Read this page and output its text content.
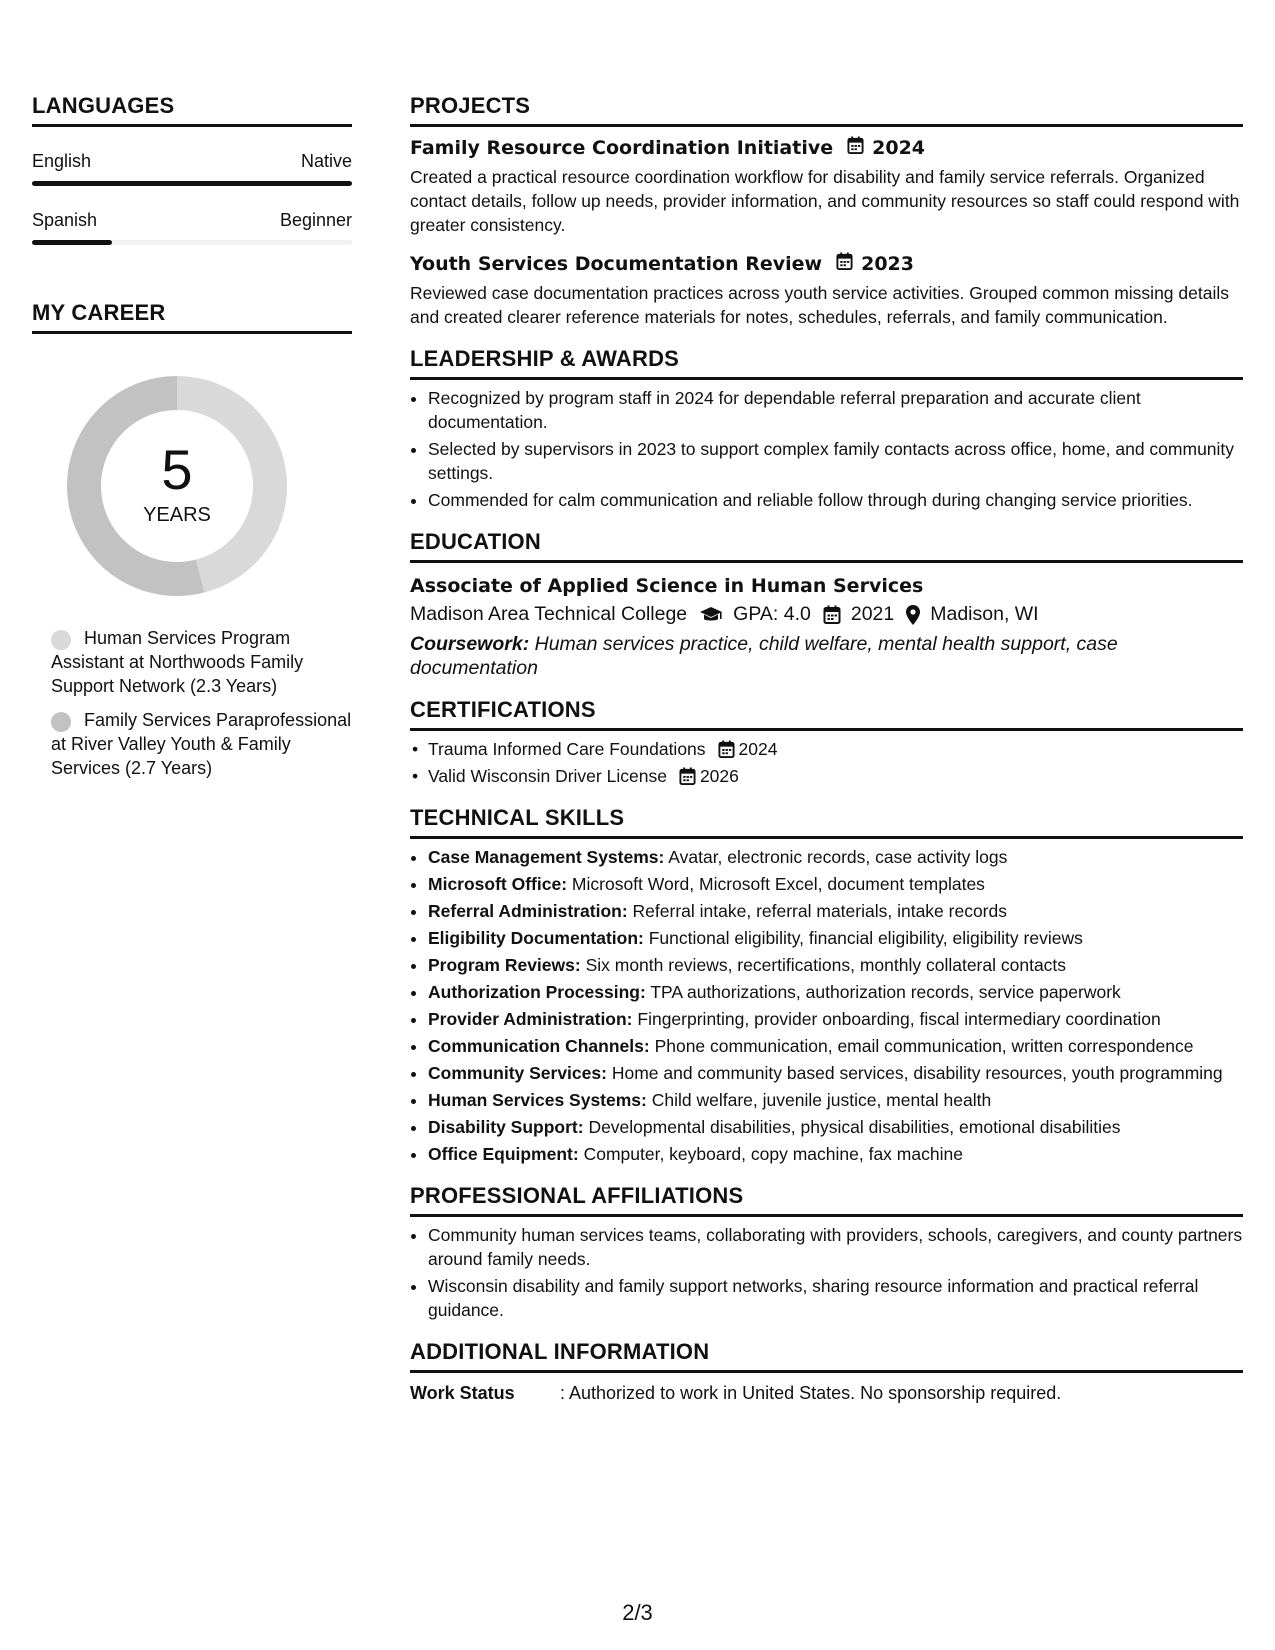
LANGUAGES
English	Native
Spanish	Beginner
MY CAREER
5
YEARS
Human Services Program Assistant at Northwoods Family Support Network (2.3 Years)
Family Services Paraprofessional at River Valley Youth & Family Services (2.7 Years)
PROJECTS
Family Resource Coordination Initiative 2024
Created a practical resource coordination workflow for disability and family service referrals. Organized contact details, follow up needs, provider information, and community resources so staff could respond with greater consistency.
Youth Services Documentation Review 2023
Reviewed case documentation practices across youth service activities. Grouped common missing details and created clearer reference materials for notes, schedules, referrals, and family communication.
LEADERSHIP & AWARDS
• Recognized by program staff in 2024 for dependable referral preparation and accurate client documentation.
• Selected by supervisors in 2023 to support complex family contacts across office, home, and community settings.
• Commended for calm communication and reliable follow through during changing service priorities.
EDUCATION
Associate of Applied Science in Human Services
Madison Area Technical College GPA: 4.0 2021 Madison, WI
Coursework: Human services practice, child welfare, mental health support, case documentation
CERTIFICATIONS
• Trauma Informed Care Foundations 2024
• Valid Wisconsin Driver License 2026
TECHNICAL SKILLS
• Case Management Systems: Avatar, electronic records, case activity logs
• Microsoft Office: Microsoft Word, Microsoft Excel, document templates
• Referral Administration: Referral intake, referral materials, intake records
• Eligibility Documentation: Functional eligibility, financial eligibility, eligibility reviews
• Program Reviews: Six month reviews, recertifications, monthly collateral contacts
• Authorization Processing: TPA authorizations, authorization records, service paperwork
• Provider Administration: Fingerprinting, provider onboarding, fiscal intermediary coordination
• Communication Channels: Phone communication, email communication, written correspondence
• Community Services: Home and community based services, disability resources, youth programming
• Human Services Systems: Child welfare, juvenile justice, mental health
• Disability Support: Developmental disabilities, physical disabilities, emotional disabilities
• Office Equipment: Computer, keyboard, copy machine, fax machine
PROFESSIONAL AFFILIATIONS
• Community human services teams, collaborating with providers, schools, caregivers, and county partners around family needs.
• Wisconsin disability and family support networks, sharing resource information and practical referral guidance.
ADDITIONAL INFORMATION
Work Status	: Authorized to work in United States. No sponsorship required.
2/3
